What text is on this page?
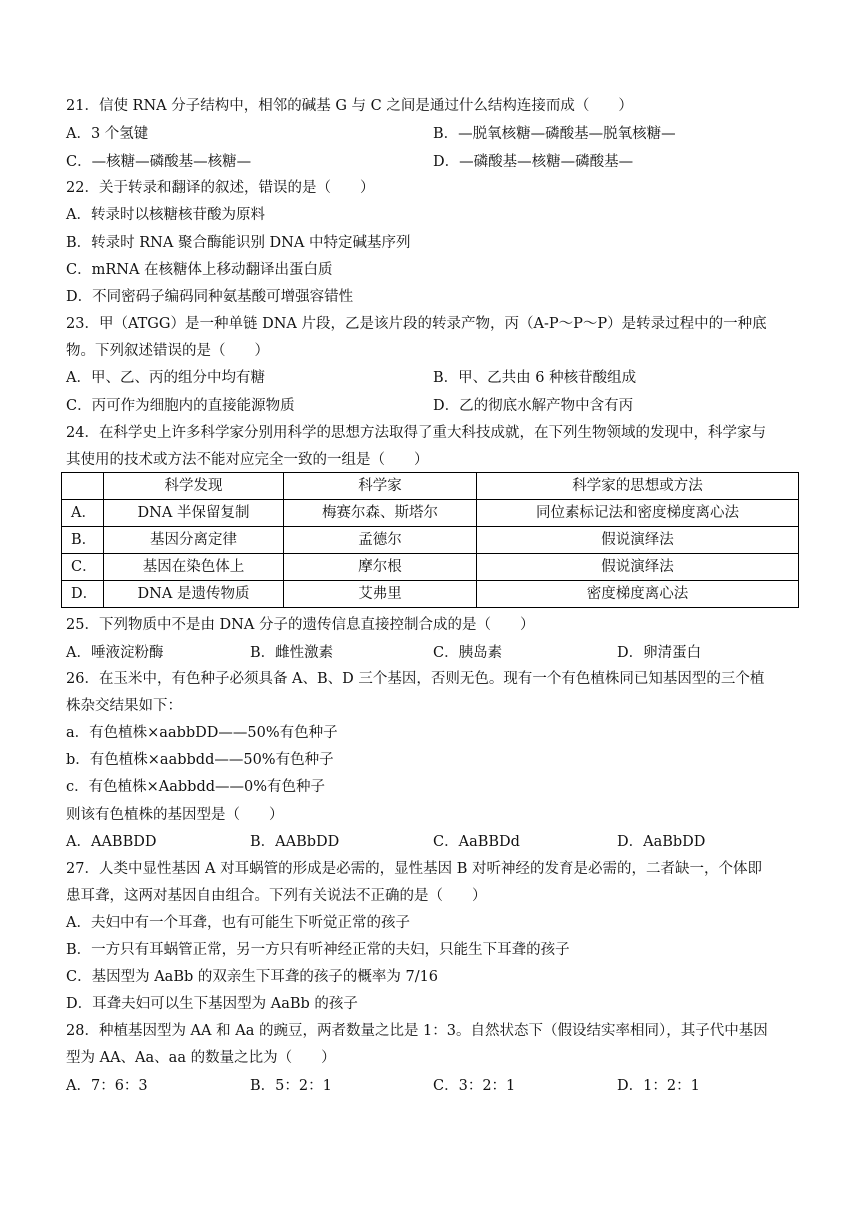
21．信使 RNA 分子结构中，相邻的碱基 G 与 C 之间是通过什么结构连接而成（　　）
A．3 个氢键	B．—脱氧核糖—磷酸基—脱氧核糖—
C．—核糖—磷酸基—核糖—	D．—磷酸基—核糖—磷酸基—
22．关于转录和翻译的叙述，错误的是（　　）
A．转录时以核糖核苷酸为原料
B．转录时 RNA 聚合酶能识别 DNA 中特定碱基序列
C．mRNA 在核糖体上移动翻译出蛋白质
D．不同密码子编码同种氨基酸可增强容错性
23．甲（ATGG）是一种单链 DNA 片段，乙是该片段的转录产物，丙（A-P～P～P）是转录过程中的一种底
物。下列叙述错误的是（　　）
A．甲、乙、丙的组分中均有糖	B．甲、乙共由 6 种核苷酸组成
C．丙可作为细胞内的直接能源物质	D．乙的彻底水解产物中含有丙
24．在科学史上许多科学家分别用科学的思想方法取得了重大科技成就，在下列生物领域的发现中，科学家与
其使用的技术或方法不能对应完全一致的一组是（　　）
	科学发现	科学家	科学家的思想或方法
A．	DNA 半保留复制	梅赛尔森、斯塔尔	同位素标记法和密度梯度离心法
B．	基因分离定律	孟德尔	假说演绎法
C．	基因在染色体上	摩尔根	假说演绎法
D．	DNA 是遗传物质	艾弗里	密度梯度离心法
25．下列物质中不是由 DNA 分子的遗传信息直接控制合成的是（　　）
A．唾液淀粉酶	B．雌性激素	C．胰岛素	D．卵清蛋白
26．在玉米中，有色种子必须具备 A、B、D 三个基因，否则无色。现有一个有色植株同已知基因型的三个植
株杂交结果如下：
a．有色植株×aabbDD——50%有色种子
b．有色植株×aabbdd——50%有色种子
c．有色植株×Aabbdd——0%有色种子
则该有色植株的基因型是（　　）
A．AABBDD	B．AABbDD	C．AaBBDd	D．AaBbDD
27．人类中显性基因 A 对耳蜗管的形成是必需的，显性基因 B 对听神经的发育是必需的，二者缺一，个体即
患耳聋，这两对基因自由组合。下列有关说法不正确的是（　　）
A．夫妇中有一个耳聋，也有可能生下听觉正常的孩子
B．一方只有耳蜗管正常，另一方只有听神经正常的夫妇，只能生下耳聋的孩子
C．基因型为 AaBb 的双亲生下耳聋的孩子的概率为 7/16
D．耳聋夫妇可以生下基因型为 AaBb 的孩子
28．种植基因型为 AA 和 Aa 的豌豆，两者数量之比是 1：3。自然状态下（假设结实率相同），其子代中基因
型为 AA、Aa、aa 的数量之比为（　　）
A．7：6：3	B．5：2：1	C．3：2：1	D．1：2：1
